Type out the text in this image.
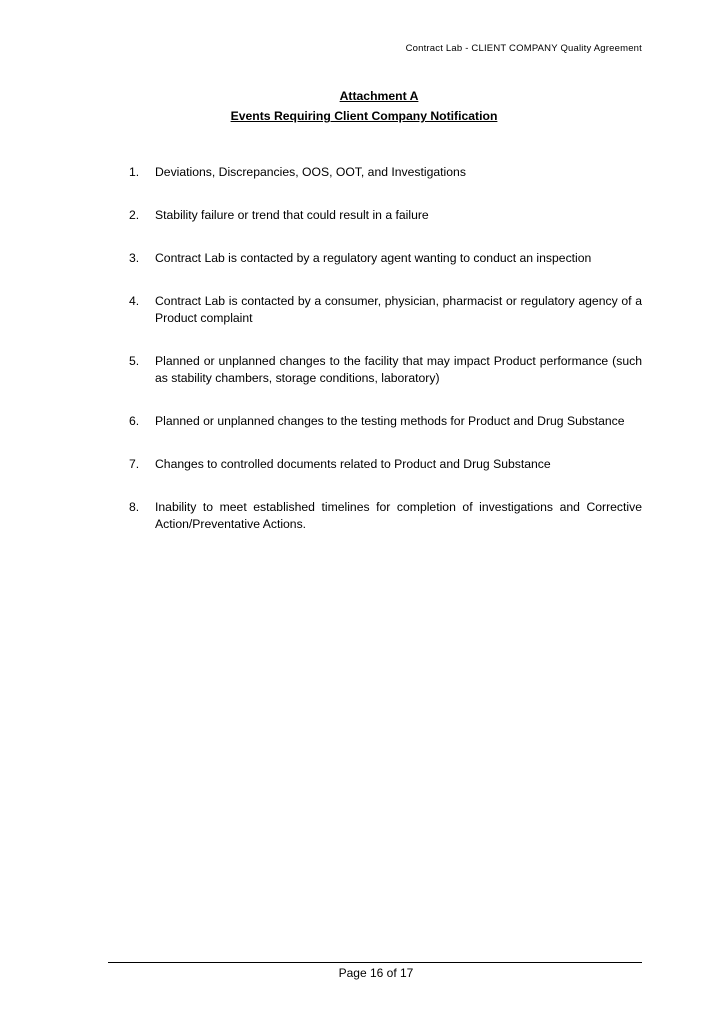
Contract Lab - CLIENT COMPANY Quality Agreement
Attachment A
Events Requiring Client Company Notification
1. Deviations, Discrepancies, OOS, OOT, and Investigations
2. Stability failure or trend that could result in a failure
3. Contract Lab is contacted by a regulatory agent wanting to conduct an inspection
4. Contract Lab is contacted by a consumer, physician, pharmacist or regulatory agency of a Product complaint
5. Planned or unplanned changes to the facility that may impact Product performance (such as stability chambers, storage conditions, laboratory)
6. Planned or unplanned changes to the testing methods for Product and Drug Substance
7. Changes to controlled documents related to Product and Drug Substance
8. Inability to meet established timelines for completion of investigations and Corrective Action/Preventative Actions.
Page 16 of 17
